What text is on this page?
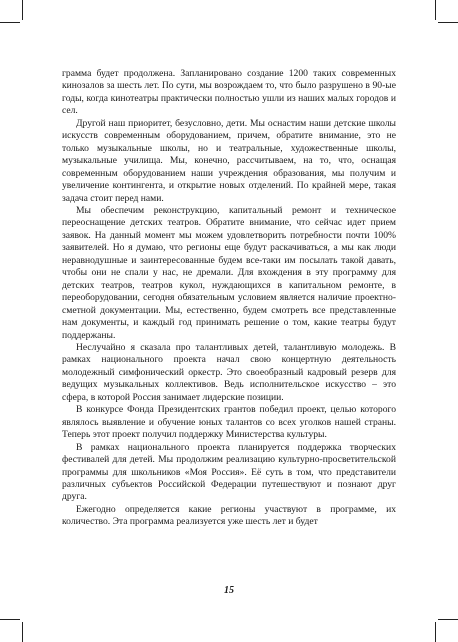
грамма будет продолжена. Запланировано создание 1200 таких современных кинозалов за шесть лет. По сути, мы возрождаем то, что было разрушено в 90-ые годы, когда кинотеатры практически полностью ушли из наших малых городов и сел.

Другой наш приоритет, безусловно, дети. Мы оснастим наши детские школы искусств современным оборудованием, причем, обратите внимание, это не только музыкальные школы, но и театральные, художественные школы, музыкальные училища. Мы, конечно, рассчитываем, на то, что, оснащая современным оборудованием наши учреждения образования, мы получим и увеличение контингента, и открытие новых отделений. По крайней мере, такая задача стоит перед нами.

Мы обеспечим реконструкцию, капитальный ремонт и техническое переоснащение детских театров. Обратите внимание, что сейчас идет прием заявок. На данный момент мы можем удовлетворить потребности почти 100% заявителей. Но я думаю, что регионы еще будут раскачиваться, а мы как люди неравнодушные и заинтересованные будем все-таки им посылать такой давать, чтобы они не спали у нас, не дремали. Для вхождения в эту программу для детских театров, театров кукол, нуждающихся в капитальном ремонте, в переоборудовании, сегодня обязательным условием является наличие проектно-сметной документации. Мы, естественно, будем смотреть все представленные нам документы, и каждый год принимать решение о том, какие театры будут поддержаны.

Неслучайно я сказала про талантливых детей, талантливую молодежь. В рамках национального проекта начал свою концертную деятельность молодежный симфонический оркестр. Это своеобразный кадровый резерв для ведущих музыкальных коллективов. Ведь исполнительское искусство – это сфера, в которой Россия занимает лидерские позиции.

В конкурсе Фонда Президентских грантов победил проект, целью которого являлось выявление и обучение юных талантов со всех уголков нашей страны. Теперь этот проект получил поддержку Министерства культуры.

В рамках национального проекта планируется поддержка творческих фестивалей для детей. Мы продолжим реализацию культурно-просветительской программы для школьников «Моя Россия». Её суть в том, что представители различных субъектов Российской Федерации путешествуют и познают друг друга.

Ежегодно определяется какие регионы участвуют в программе, их количество. Эта программа реализуется уже шесть лет и будет

15
